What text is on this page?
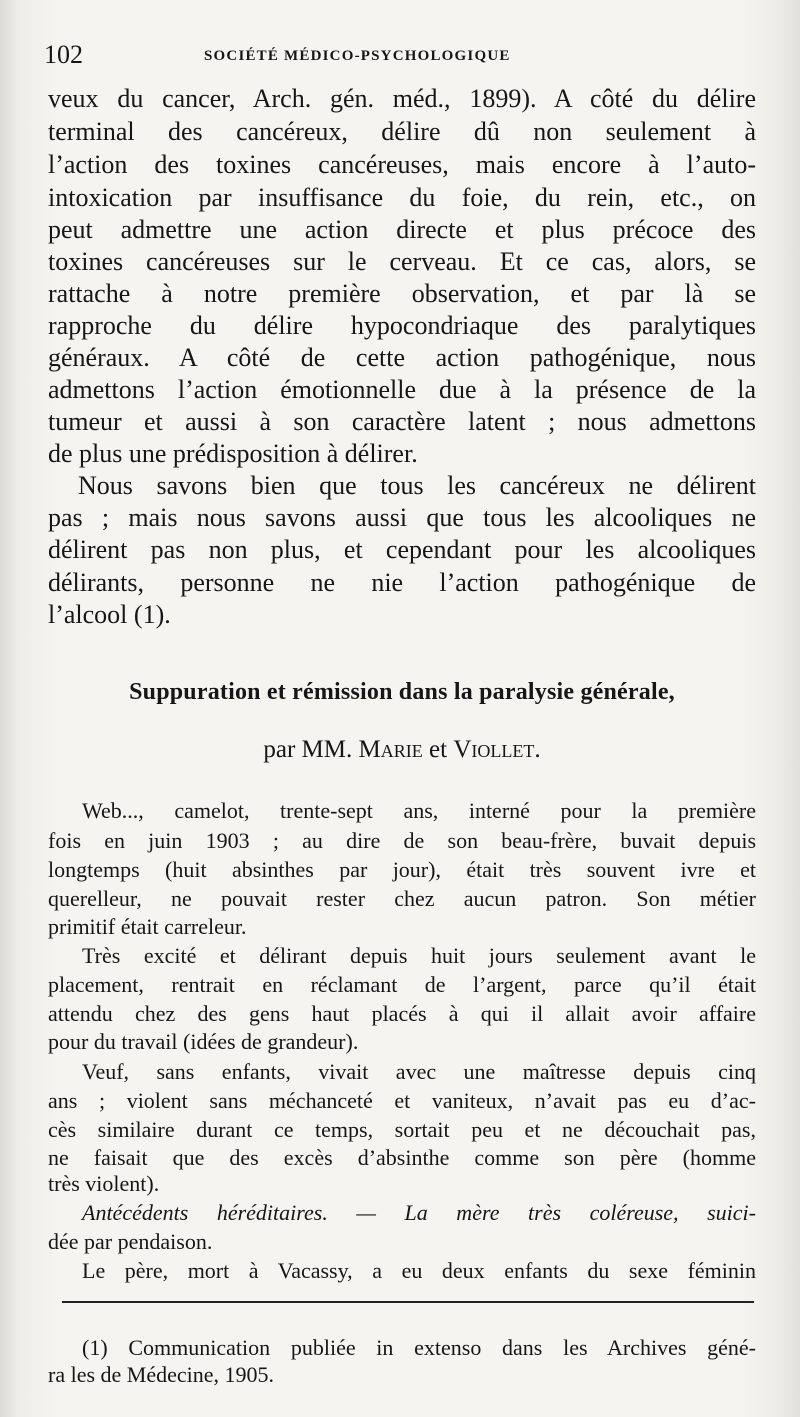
102	SOCIÉTÉ MÉDICO-PSYCHOLOGIQUE
veux du cancer, Arch. gén. méd., 1899). A côté du délire
terminal des cancéreux, délire dû non seulement à
l’action des toxines cancéreuses, mais encore à l’auto-
intoxication par insuffisance du foie, du rein, etc., on
peut admettre une action directe et plus précoce des
toxines cancéreuses sur le cerveau. Et ce cas, alors, se
rattache à notre première observation, et par là se
rapproche du délire hypocondriaque des paralytiques
généraux. A côté de cette action pathogénique, nous
admettons l’action émotionnelle due à la présence de la
tumeur et aussi à son caractère latent ; nous admettons
de plus une prédisposition à délirer.
Nous savons bien que tous les cancéreux ne délirent
pas ; mais nous savons aussi que tous les alcooliques ne
délirent pas non plus, et cependant pour les alcooliques
délirants, personne ne nie l’action pathogénique de
l’alcool (1).
Suppuration et rémission dans la paralysie générale,
par MM. Marie et Viollet.
Web..., camelot, trente-sept ans, interné pour la première
fois en juin 1903 ; au dire de son beau-frère, buvait depuis
longtemps (huit absinthes par jour), était très souvent ivre et
querelleur, ne pouvait rester chez aucun patron. Son métier
primitif était carreleur.
Très excité et délirant depuis huit jours seulement avant le
placement, rentrait en réclamant de l’argent, parce qu’il était
attendu chez des gens haut placés à qui il allait avoir affaire
pour du travail (idées de grandeur).
Veuf, sans enfants, vivait avec une maîtresse depuis cinq
ans ; violent sans méchanceté et vaniteux, n’avait pas eu d’ac-
cès similaire durant ce temps, sortait peu et ne découchait pas,
ne faisait que des excès d’absinthe comme son père (homme
très violent).
Antécédents héréditaires. — La mère très coléreuse, suici-
dée par pendaison.
Le père, mort à Vacassy, a eu deux enfants du sexe féminin
(1) Communication publiée in extenso dans les Archives géné-
ra les de Médecine, 1905.
